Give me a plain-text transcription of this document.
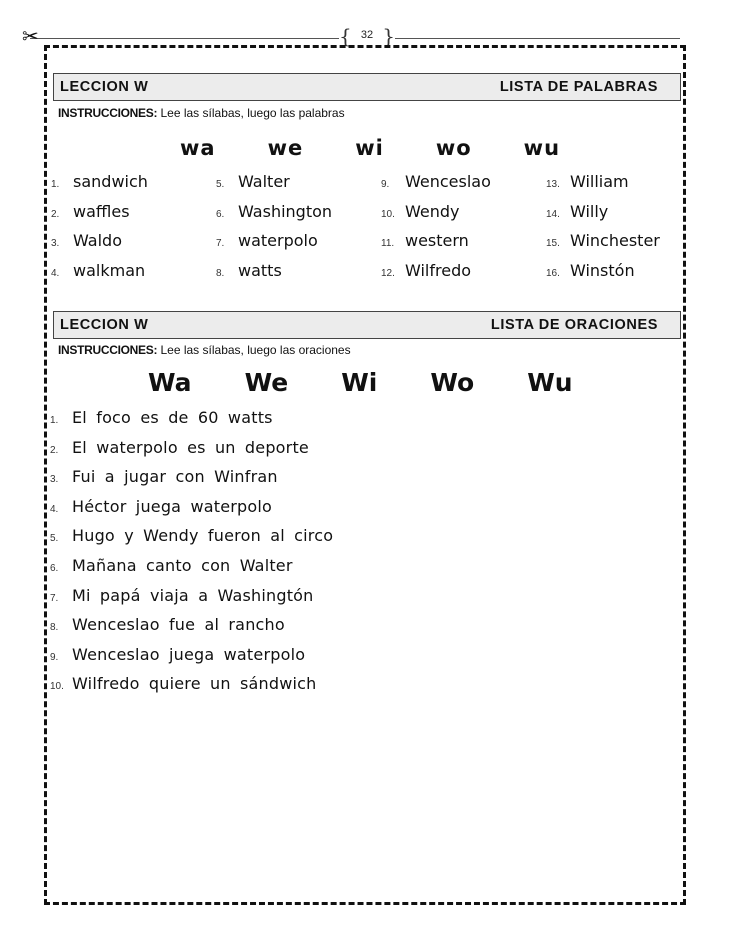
✂	{ 32 }
LECCION W	LISTA DE PALABRAS
INSTRUCCIONES: Lee las sílabas, luego las palabras
wa we wi wo wu
1. sandwich
2. waffles
3. Waldo
4. walkman
5. Walter
6. Washington
7. waterpolo
8. watts
9. Wenceslao
10. Wendy
11. western
12. Wilfredo
13. William
14. Willy
15. Winchester
16. Winstón
LECCION W	LISTA DE ORACIONES
INSTRUCCIONES: Lee las sílabas, luego las oraciones
Wa We Wi Wo Wu
1. El foco es de 60 watts
2. El waterpolo es un deporte
3. Fui a jugar con Winfran
4. Héctor juega waterpolo
5. Hugo y Wendy fueron al circo
6. Mañana canto con Walter
7. Mi papá viaja a Washingtón
8. Wenceslao fue al rancho
9. Wenceslao juega waterpolo
10. Wilfredo quiere un sándwich
